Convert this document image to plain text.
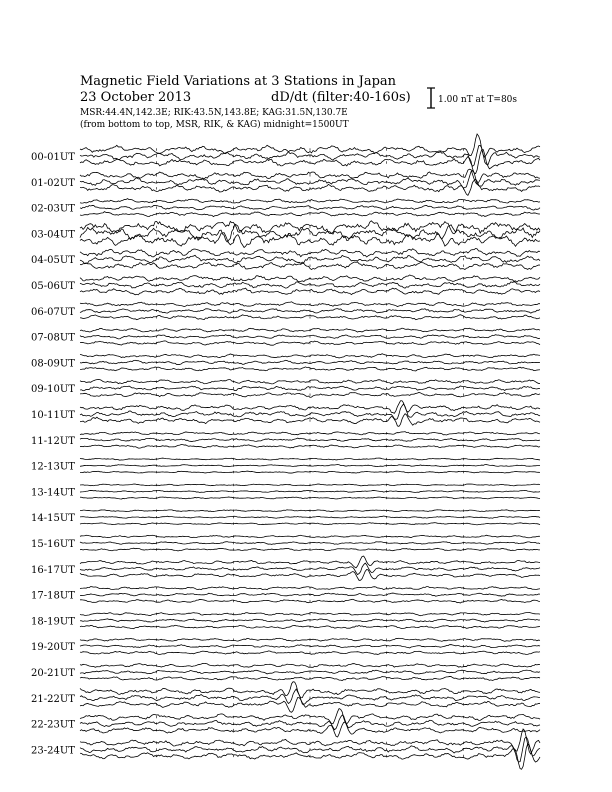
Magnetic Field Variations at 3 Stations in Japan
23 October 2013	dD/dt (filter:40-160s)
MSR:44.4N,142.3E; RIK:43.5N,143.8E; KAG:31.5N,130.7E
(from bottom to top, MSR, RIK, & KAG) midnight=1500UT
1.00 nT at T=80s
00-01UT
01-02UT
02-03UT
03-04UT
04-05UT
05-06UT
06-07UT
07-08UT
08-09UT
09-10UT
10-11UT
11-12UT
12-13UT
13-14UT
14-15UT
15-16UT
16-17UT
17-18UT
18-19UT
19-20UT
20-21UT
21-22UT
22-23UT
23-24UT
